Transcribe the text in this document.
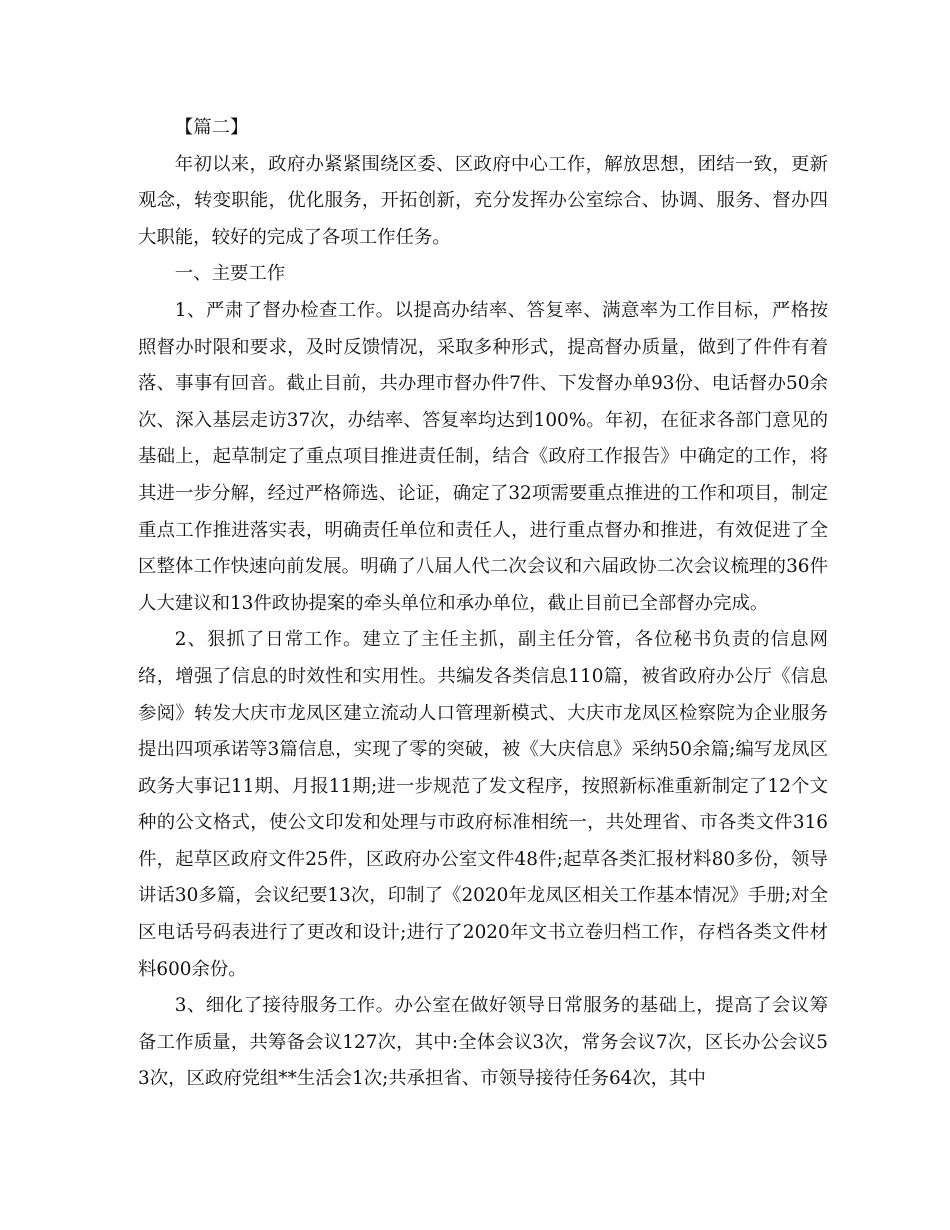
【篇二】

年初以来，政府办紧紧围绕区委、区政府中心工作，解放思想，团结一致，更新观念，转变职能，优化服务，开拓创新，充分发挥办公室综合、协调、服务、督办四大职能，较好的完成了各项工作任务。

一、主要工作

1、严肃了督办检查工作。以提高办结率、答复率、满意率为工作目标，严格按照督办时限和要求，及时反馈情况，采取多种形式，提高督办质量，做到了件件有着落、事事有回音。截止目前，共办理市督办件7件、下发督办单93份、电话督办50余次、深入基层走访37次，办结率、答复率均达到100%。年初，在征求各部门意见的基础上，起草制定了重点项目推进责任制，结合《政府工作报告》中确定的工作，将其进一步分解，经过严格筛选、论证，确定了32项需要重点推进的工作和项目，制定重点工作推进落实表，明确责任单位和责任人，进行重点督办和推进，有效促进了全区整体工作快速向前发展。明确了八届人代二次会议和六届政协二次会议梳理的36件人大建议和13件政协提案的牵头单位和承办单位，截止目前已全部督办完成。

2、狠抓了日常工作。建立了主任主抓，副主任分管，各位秘书负责的信息网络，增强了信息的时效性和实用性。共编发各类信息110篇，被省政府办公厅《信息参阅》转发大庆市龙凤区建立流动人口管理新模式、大庆市龙凤区检察院为企业服务提出四项承诺等3篇信息，实现了零的突破，被《大庆信息》采纳50余篇;编写龙凤区政务大事记11期、月报11期;进一步规范了发文程序，按照新标准重新制定了12个文种的公文格式，使公文印发和处理与市政府标准相统一，共处理省、市各类文件316件，起草区政府文件25件，区政府办公室文件48件;起草各类汇报材料80多份，领导讲话30多篇，会议纪要13次，印制了《2020年龙凤区相关工作基本情况》手册;对全区电话号码表进行了更改和设计;进行了2020年文书立卷归档工作，存档各类文件材料600余份。

3、细化了接待服务工作。办公室在做好领导日常服务的基础上，提高了会议筹备工作质量，共筹备会议127次，其中:全体会议3次，常务会议7次，区长办公会议53次，区政府党组**生活会1次;共承担省、市领导接待任务64次，其中
